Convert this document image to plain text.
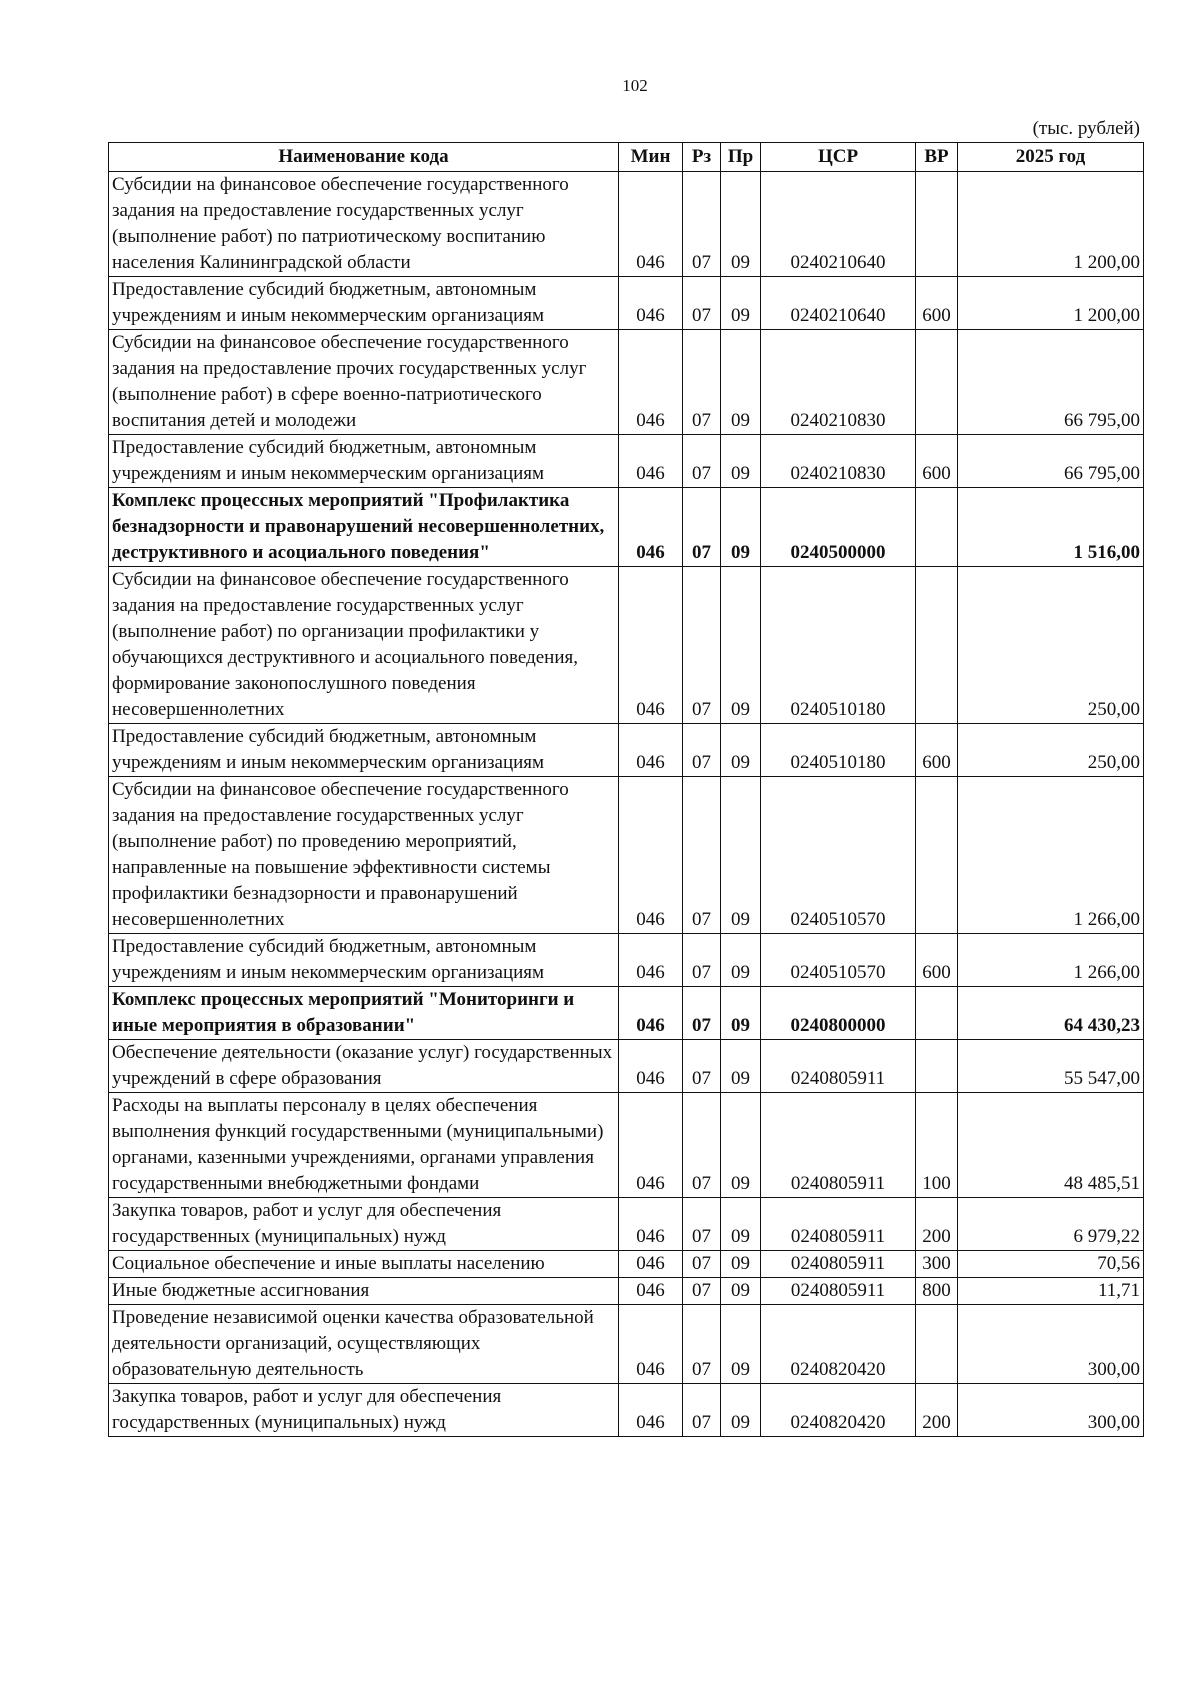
102
(тыс. рублей)
Наименование кода	Мин	Рз	Пр	ЦСР	ВР	2025 год
Субсидии на финансовое обеспечение государственного задания на предоставление государственных услуг (выполнение работ) по патриотическому воспитанию населения Калининградской области	046	07	09	0240210640		1 200,00
Предоставление субсидий бюджетным, автономным учреждениям и иным некоммерческим организациям	046	07	09	0240210640	600	1 200,00
Субсидии на финансовое обеспечение государственного задания на предоставление прочих государственных услуг (выполнение работ) в сфере военно-патриотического воспитания детей и молодежи	046	07	09	0240210830		66 795,00
Предоставление субсидий бюджетным, автономным учреждениям и иным некоммерческим организациям	046	07	09	0240210830	600	66 795,00
Комплекс процессных мероприятий "Профилактика безнадзорности и правонарушений несовершеннолетних, деструктивного и асоциального поведения"	046	07	09	0240500000		1 516,00
Субсидии на финансовое обеспечение государственного задания на предоставление государственных услуг (выполнение работ) по организации профилактики у обучающихся деструктивного и асоциального поведения, формирование законопослушного поведения несовершеннолетних	046	07	09	0240510180		250,00
Предоставление субсидий бюджетным, автономным учреждениям и иным некоммерческим организациям	046	07	09	0240510180	600	250,00
Субсидии на финансовое обеспечение государственного задания на предоставление государственных услуг (выполнение работ) по проведению мероприятий, направленные на повышение эффективности системы профилактики безнадзорности и правонарушений несовершеннолетних	046	07	09	0240510570		1 266,00
Предоставление субсидий бюджетным, автономным учреждениям и иным некоммерческим организациям	046	07	09	0240510570	600	1 266,00
Комплекс процессных мероприятий "Мониторинги и иные мероприятия в образовании"	046	07	09	0240800000		64 430,23
Обеспечение деятельности (оказание услуг) государственных учреждений в сфере образования	046	07	09	0240805911		55 547,00
Расходы на выплаты персоналу в целях обеспечения выполнения функций государственными (муниципальными) органами, казенными учреждениями, органами управления государственными внебюджетными фондами	046	07	09	0240805911	100	48 485,51
Закупка товаров, работ и услуг для обеспечения государственных (муниципальных) нужд	046	07	09	0240805911	200	6 979,22
Социальное обеспечение и иные выплаты населению	046	07	09	0240805911	300	70,56
Иные бюджетные ассигнования	046	07	09	0240805911	800	11,71
Проведение независимой оценки качества образовательной деятельности организаций, осуществляющих образовательную деятельность	046	07	09	0240820420		300,00
Закупка товаров, работ и услуг для обеспечения государственных (муниципальных) нужд	046	07	09	0240820420	200	300,00
